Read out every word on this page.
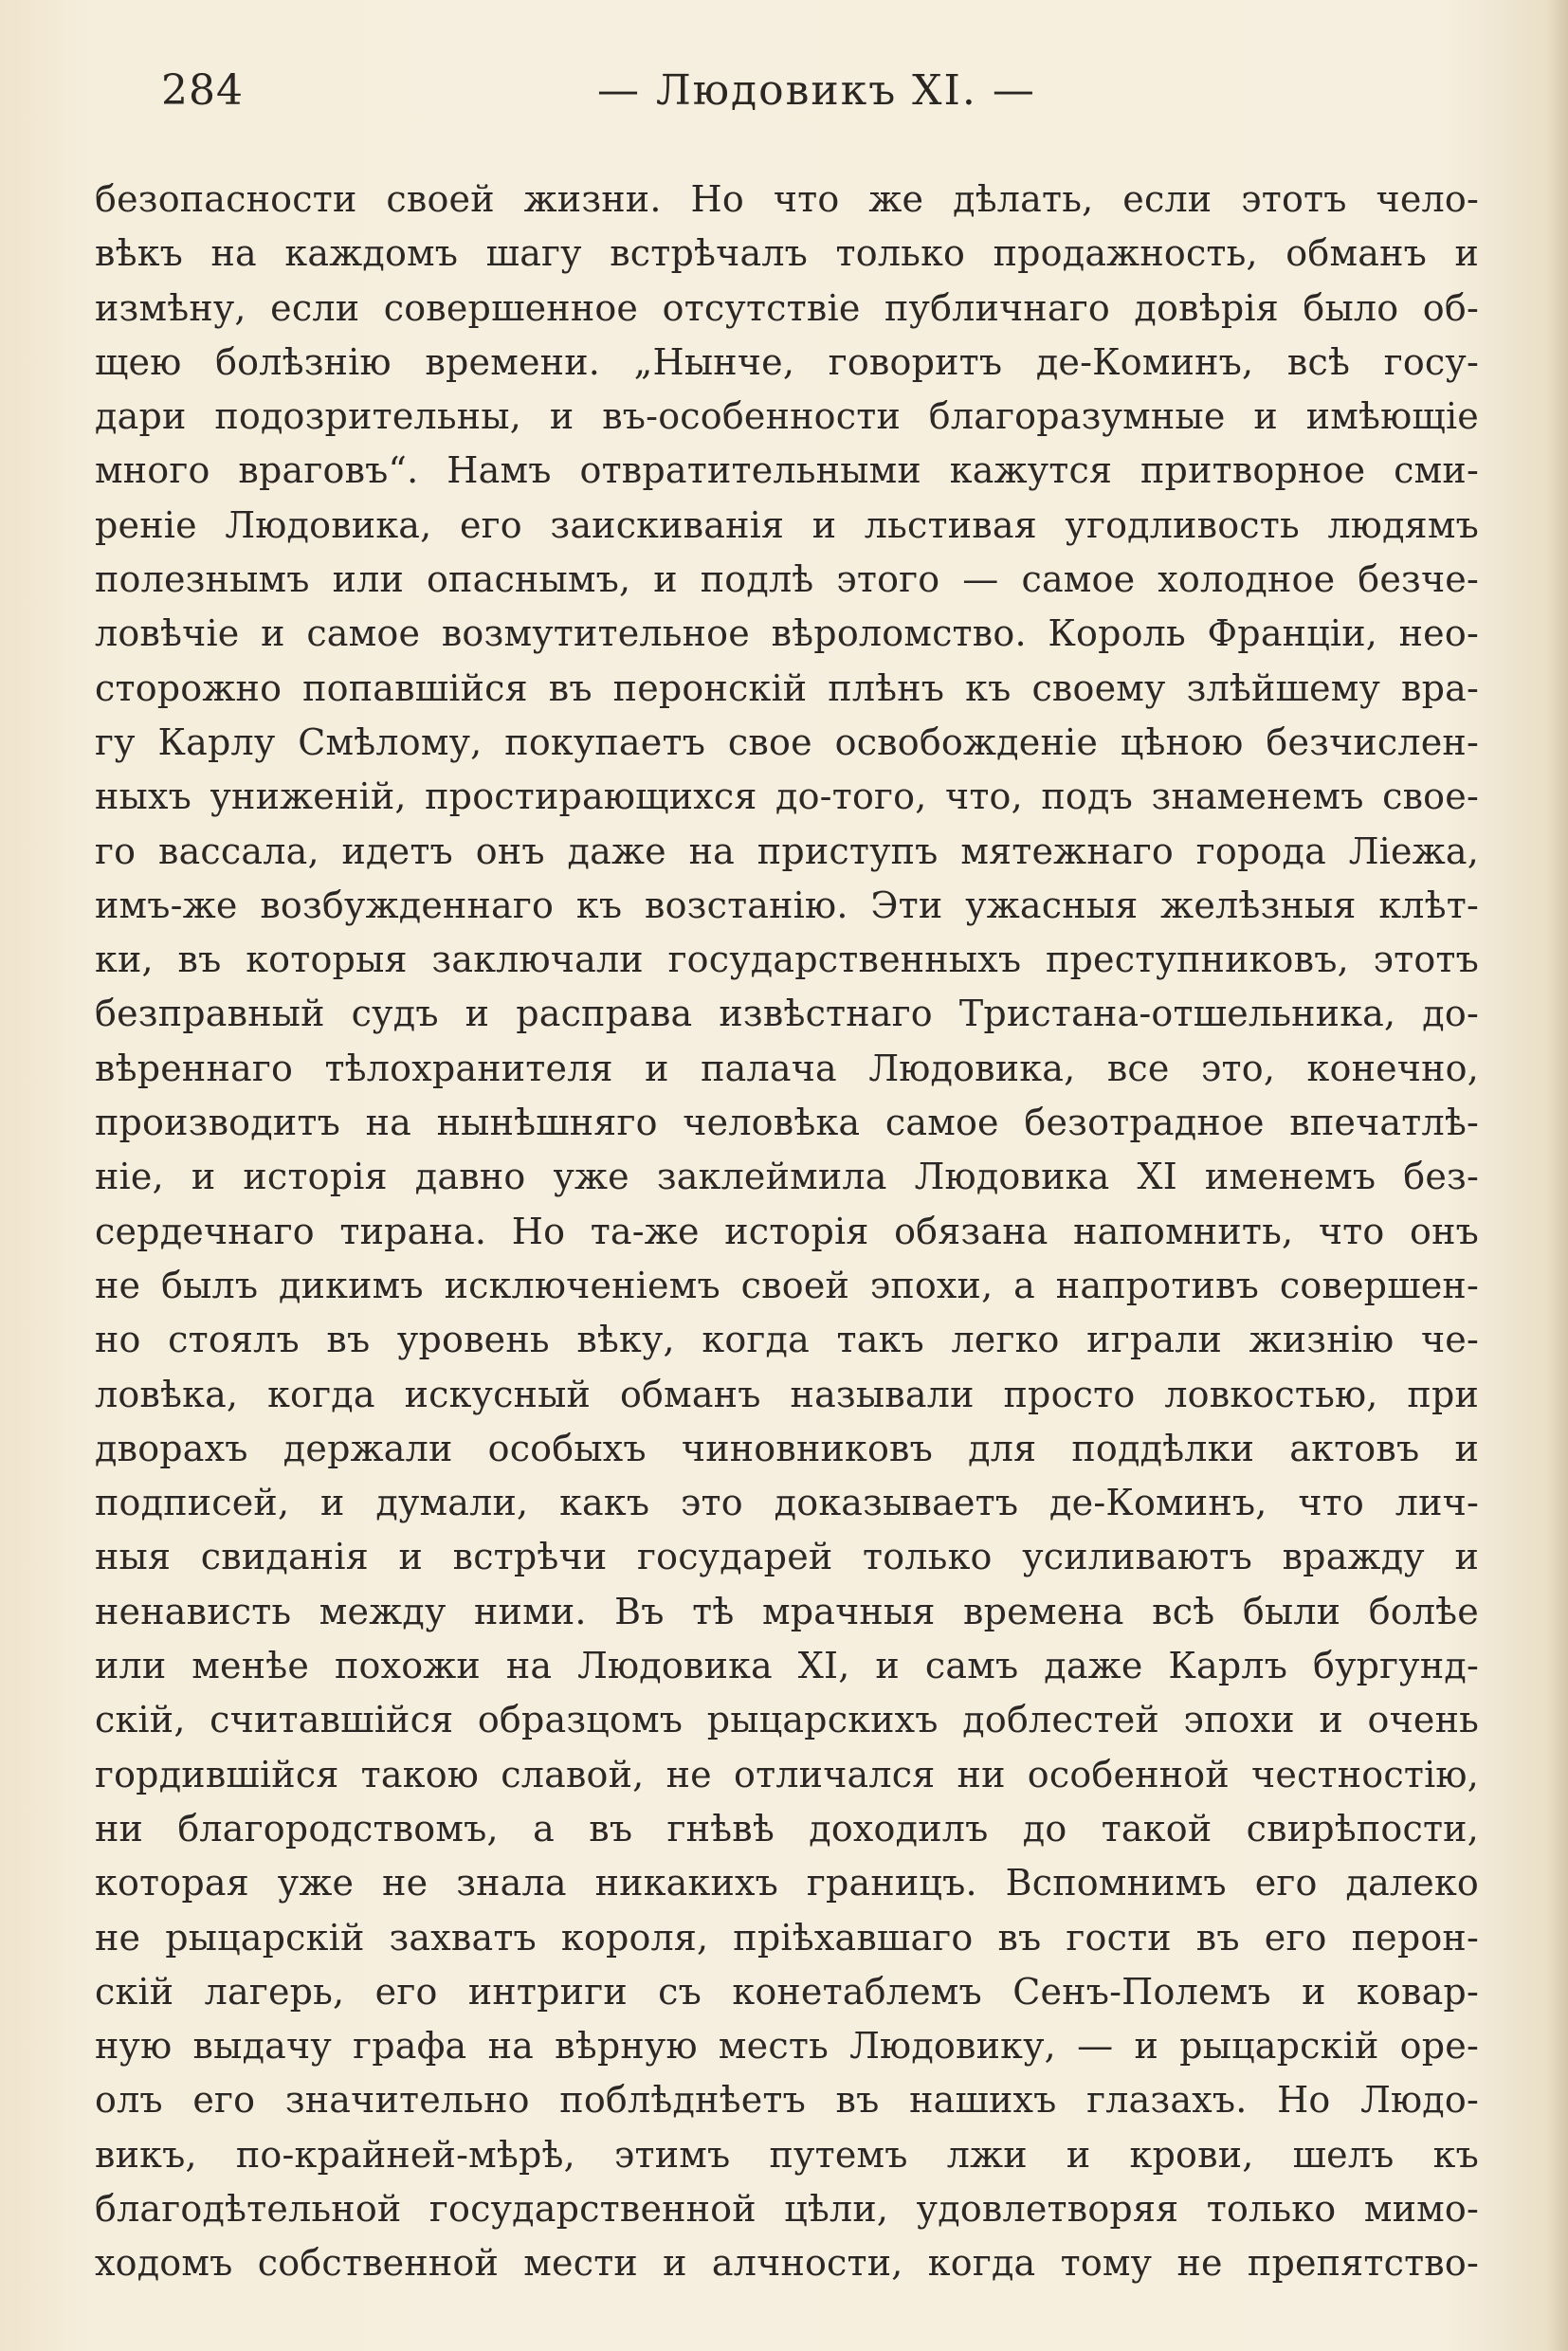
284	— Людовикъ XI. —
безопасности своей жизни. Но что же дѣлать, если этотъ чело-
вѣкъ на каждомъ шагу встрѣчалъ только продажность, обманъ и
измѣну, если совершенное отсутствіе публичнаго довѣрія было об-
щею болѣзнію времени. „Нынче, говоритъ де-Коминъ, всѣ госу-
дари подозрительны, и въ-особенности благоразумные и имѣющіе
много враговъ“. Намъ отвратительными кажутся притворное сми-
реніе Людовика, его заискиванія и льстивая угодливость людямъ
полезнымъ или опаснымъ, и подлѣ этого — самое холодное безче-
ловѣчіе и самое возмутительное вѣроломство. Король Франціи, нео-
сторожно попавшійся въ перонскій плѣнъ къ своему злѣйшему вра-
гу Карлу Смѣлому, покупаетъ свое освобожденіе цѣною безчислен-
ныхъ униженій, простирающихся до-того, что, подъ знаменемъ свое-
го вассала, идетъ онъ даже на приступъ мятежнаго города Ліежа,
имъ-же возбужденнаго къ возстанію. Эти ужасныя желѣзныя клѣт-
ки, въ которыя заключали государственныхъ преступниковъ, этотъ
безправный судъ и расправа извѣстнаго Тристана-отшельника, до-
вѣреннаго тѣлохранителя и палача Людовика, все это, конечно,
производитъ на нынѣшняго человѣка самое безотрадное впечатлѣ-
ніе, и исторія давно уже заклеймила Людовика XI именемъ без-
сердечнаго тирана. Но та-же исторія обязана напомнить, что онъ
не былъ дикимъ исключеніемъ своей эпохи, а напротивъ совершен-
но стоялъ въ уровень вѣку, когда такъ легко играли жизнію че-
ловѣка, когда искусный обманъ называли просто ловкостью, при
дворахъ держали особыхъ чиновниковъ для поддѣлки актовъ и
подписей, и думали, какъ это доказываетъ де-Коминъ, что лич-
ныя свиданія и встрѣчи государей только усиливаютъ вражду и
ненависть между ними. Въ тѣ мрачныя времена всѣ были болѣе
или менѣе похожи на Людовика XI, и самъ даже Карлъ бургунд-
скій, считавшійся образцомъ рыцарскихъ доблестей эпохи и очень
гордившійся такою славой, не отличался ни особенной честностію,
ни благородствомъ, а въ гнѣвѣ доходилъ до такой свирѣпости,
которая уже не знала никакихъ границъ. Вспомнимъ его далеко
не рыцарскій захватъ короля, пріѣхавшаго въ гости въ его перон-
скій лагерь, его интриги съ конетаблемъ Сенъ-Полемъ и ковар-
ную выдачу графа на вѣрную месть Людовику, — и рыцарскій оре-
олъ его значительно поблѣднѣетъ въ нашихъ глазахъ. Но Людо-
викъ, по-крайней-мѣрѣ, этимъ путемъ лжи и крови, шелъ къ
благодѣтельной государственной цѣли, удовлетворяя только мимо-
ходомъ собственной мести и алчности, когда тому не препятство-
